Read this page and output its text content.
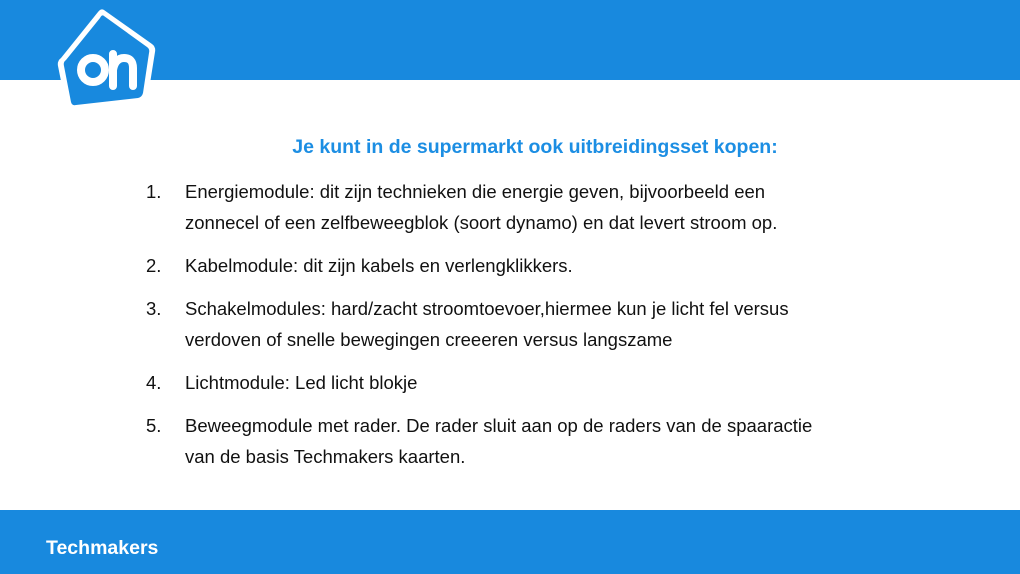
Je kunt in de supermarkt ook uitbreidingsset kopen:
1.	Energiemodule: dit zijn technieken die energie geven, bijvoorbeeld een
zonnecel of een zelfbeweegblok (soort dynamo) en dat levert stroom op.
2.	Kabelmodule: dit zijn kabels en verlengklikkers.
3.	Schakelmodules: hard/zacht stroomtoevoer,hiermee kun je licht fel versus
verdoven of snelle bewegingen creeeren versus langszame
4.	Lichtmodule: Led licht blokje
5.	Beweegmodule met rader. De rader sluit aan op de raders van de spaaractie
van de basis Techmakers kaarten.
Techmakers
